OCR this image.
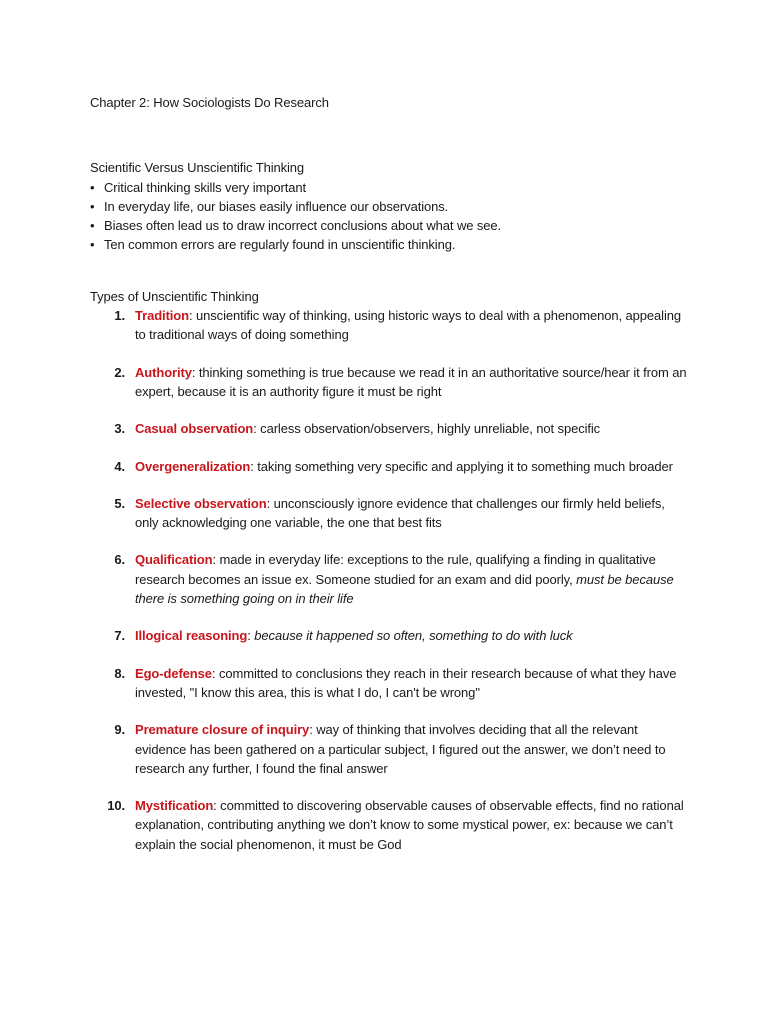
Chapter 2: How Sociologists Do Research
Scientific Versus Unscientific Thinking
• Critical thinking skills very important
• In everyday life, our biases easily influence our observations.
• Biases often lead us to draw incorrect conclusions about what we see.
• Ten common errors are regularly found in unscientific thinking.
Types of Unscientific Thinking
1. Tradition: unscientific way of thinking, using historic ways to deal with a phenomenon, appealing to traditional ways of doing something
2. Authority: thinking something is true because we read it in an authoritative source/hear it from an expert, because it is an authority figure it must be right
3. Casual observation: carless observation/observers, highly unreliable, not specific
4. Overgeneralization: taking something very specific and applying it to something much broader
5. Selective observation: unconsciously ignore evidence that challenges our firmly held beliefs, only acknowledging one variable, the one that best fits
6. Qualification: made in everyday life: exceptions to the rule, qualifying a finding in qualitative research becomes an issue ex. Someone studied for an exam and did poorly, must be because there is something going on in their life
7. Illogical reasoning: because it happened so often, something to do with luck
8. Ego-defense: committed to conclusions they reach in their research because of what they have invested, "I know this area, this is what I do, I can't be wrong"
9. Premature closure of inquiry: way of thinking that involves deciding that all the relevant evidence has been gathered on a particular subject, I figured out the answer, we don’t need to research any further, I found the final answer
10. Mystification: committed to discovering observable causes of observable effects, find no rational explanation, contributing anything we don’t know to some mystical power, ex: because we can’t explain the social phenomenon, it must be God
